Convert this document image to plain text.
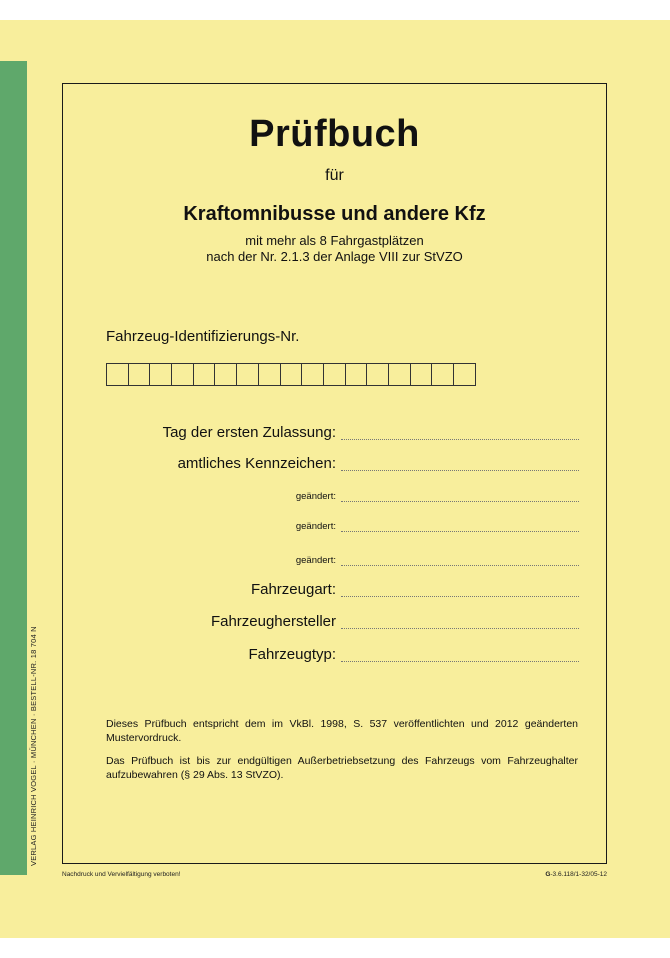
VERLAG HEINRICH VOGEL · MÜNCHEN · BESTELL-NR. 18 704 N
Prüfbuch
für
Kraftomnibusse und andere Kfz
mit mehr als 8 Fahrgastplätzen
nach der Nr. 2.1.3 der Anlage VIII zur StVZO
Fahrzeug-Identifizierungs-Nr.
Tag der ersten Zulassung:
amtliches Kennzeichen:
geändert:
geändert:
geändert:
Fahrzeugart:
Fahrzeughersteller
Fahrzeugtyp:
Dieses Prüfbuch entspricht dem im VkBl. 1998, S. 537 veröffentlichten und 2012 geänderten Mustervordruck.
Das Prüfbuch ist bis zur endgültigen Außerbetriebsetzung des Fahrzeugs vom Fahrzeughalter aufzubewahren (§ 29 Abs. 13 StVZO).
Nachdruck und Vervielfältigung verboten!	G-3.6.118/1-32/05-12
